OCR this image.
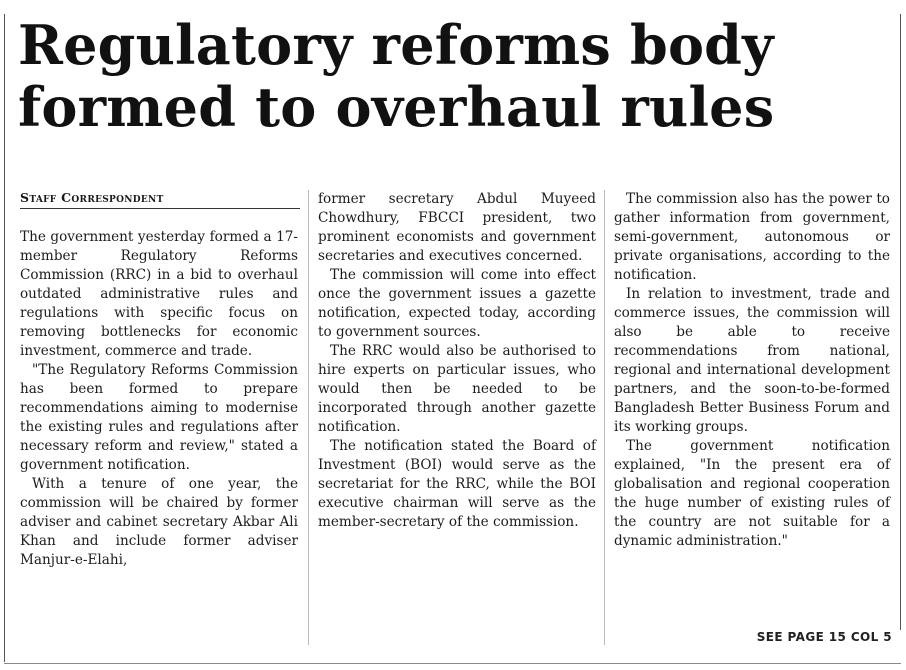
Regulatory reforms body
formed to overhaul rules
Staff Correspondent

The government yesterday formed a 17-member Regulatory Reforms Commission (RRC) in a bid to overhaul outdated administrative rules and regulations with specific focus on removing bottlenecks for economic investment, commerce and trade.

"The Regulatory Reforms Commission has been formed to prepare recommendations aiming to modernise the existing rules and regulations after necessary reform and review," stated a government notification.

With a tenure of one year, the commission will be chaired by former adviser and cabinet secretary Akbar Ali Khan and include former adviser Manjur-e-Elahi,

former secretary Abdul Muyeed Chowdhury, FBCCI president, two prominent economists and government secretaries and executives concerned.

The commission will come into effect once the government issues a gazette notification, expected today, according to government sources.

The RRC would also be authorised to hire experts on particular issues, who would then be needed to be incorporated through another gazette notification.

The notification stated the Board of Investment (BOI) would serve as the secretariat for the RRC, while the BOI executive chairman will serve as the member-secretary of the commission.

The commission also has the power to gather information from government, semi-government, autonomous or private organisations, according to the notification.

In relation to investment, trade and commerce issues, the commission will also be able to receive recommendations from national, regional and international development partners, and the soon-to-be-formed Bangladesh Better Business Forum and its working groups.

The government notification explained, "In the present era of globalisation and regional cooperation the huge number of existing rules of the country are not suitable for a dynamic administration."

SEE PAGE 15 COL 5
